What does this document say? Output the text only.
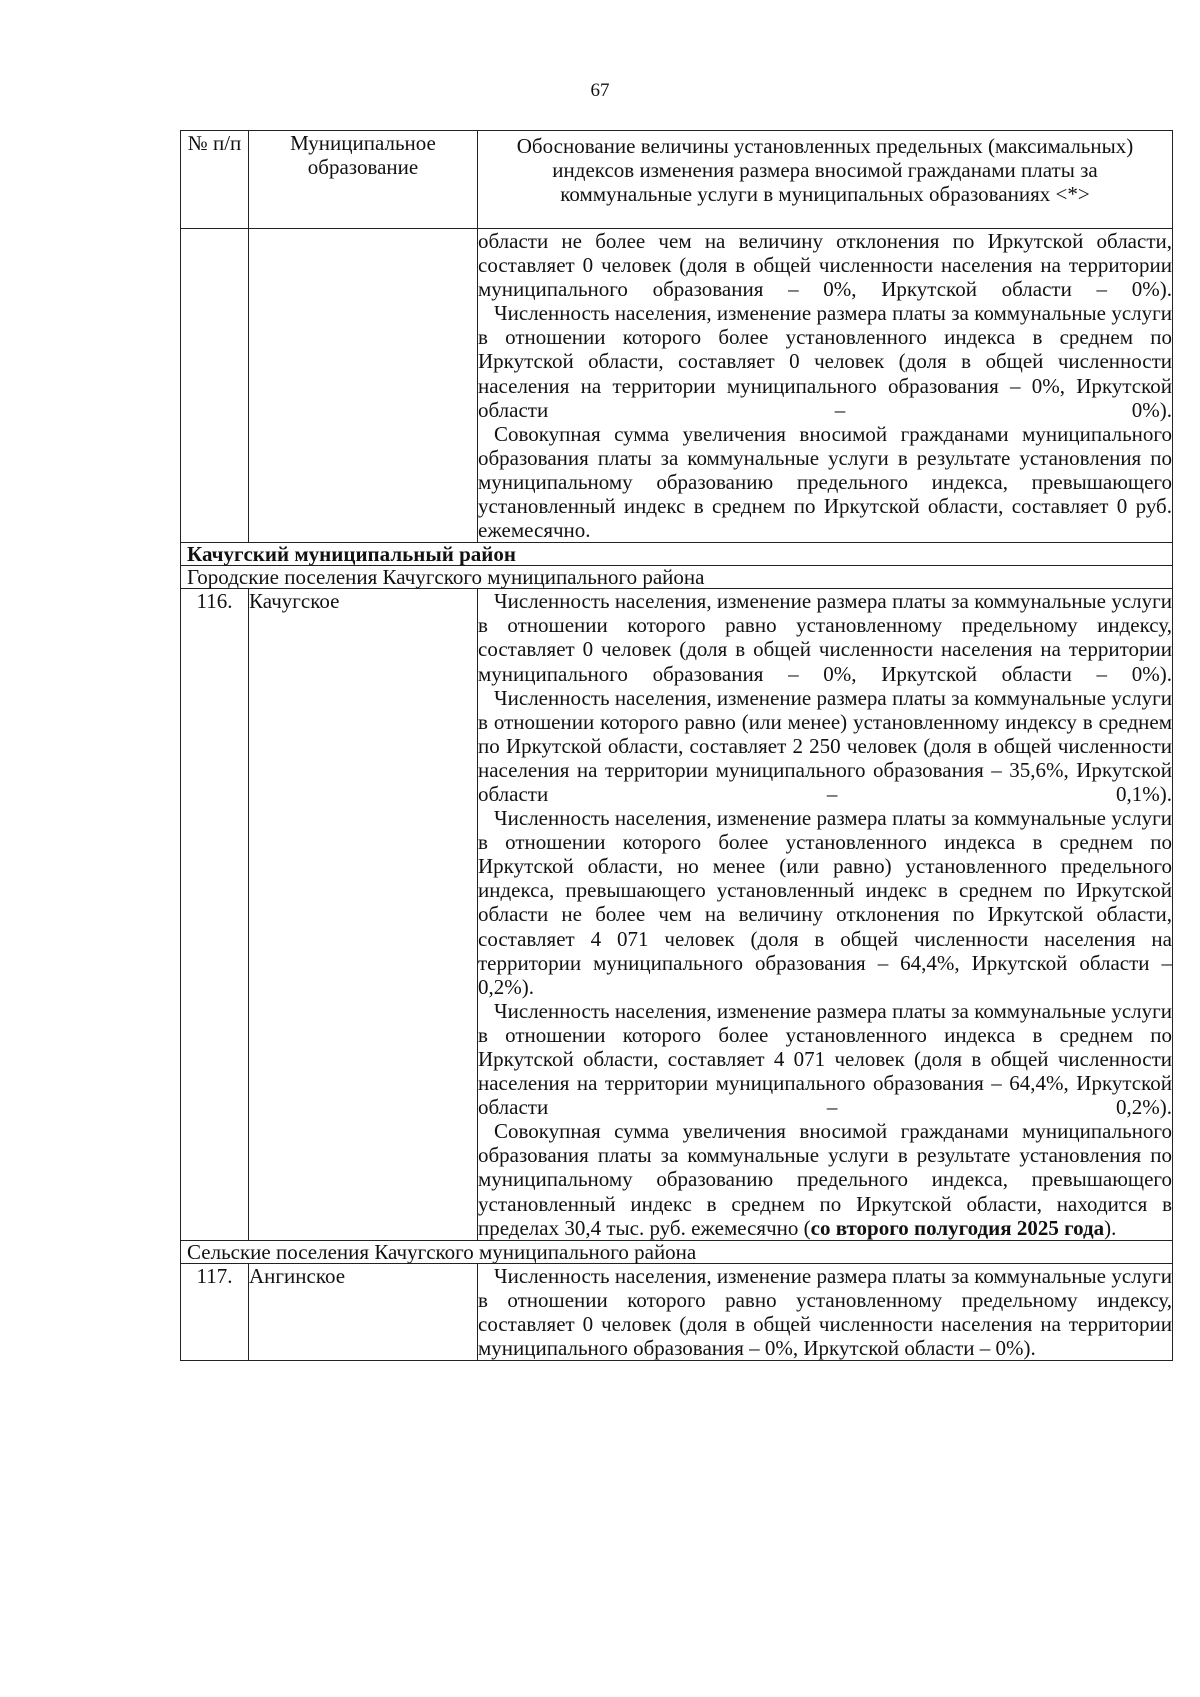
67
№ п/п	Муниципальное образование	Обоснование величины установленных предельных (максимальных) индексов изменения размера вносимой гражданами платы за коммунальные услуги в муниципальных образованиях <*>

		области не более чем на величину отклонения по Иркутской области, составляет 0 человек (доля в общей численности населения на территории муниципального образования – 0%, Иркутской области – 0%).

Численность населения, изменение размера платы за коммунальные услуги в отношении которого более установленного индекса в среднем по Иркутской области, составляет 0 человек (доля в общей численности населения на территории муниципального образования – 0%, Иркутской области – 0%).

Совокупная сумма увеличения вносимой гражданами муниципального образования платы за коммунальные услуги в результате установления по муниципальному образованию предельного индекса, превышающего установленный индекс в среднем по Иркутской области, составляет 0 руб. ежемесячно.

Качугский муниципальный район		
Городские поселения Качугского муниципального района		
116.	Качугское	Численность населения, изменение размера платы за коммунальные услуги в отношении которого равно установленному предельному индексу, составляет 0 человек (доля в общей численности населения на территории муниципального образования – 0%, Иркутской области – 0%).

Численность населения, изменение размера платы за коммунальные услуги в отношении которого равно (или менее) установленному индексу в среднем по Иркутской области, составляет 2 250 человек (доля в общей численности населения на территории муниципального образования – 35,6%, Иркутской области – 0,1%).

Численность населения, изменение размера платы за коммунальные услуги в отношении которого более установленного индекса в среднем по Иркутской области, но менее (или равно) установленного предельного индекса, превышающего установленный индекс в среднем по Иркутской области не более чем на величину отклонения по Иркутской области, составляет 4 071 человек (доля в общей численности населения на территории муниципального образования – 64,4%, Иркутской области – 0,2%).

Численность населения, изменение размера платы за коммунальные услуги в отношении которого более установленного индекса в среднем по Иркутской области, составляет 4 071 человек (доля в общей численности населения на территории муниципального образования – 64,4%, Иркутской области – 0,2%).

Совокупная сумма увеличения вносимой гражданами муниципального образования платы за коммунальные услуги в результате установления по муниципальному образованию предельного индекса, превышающего установленный индекс в среднем по Иркутской области, находится в пределах 30,4 тыс. руб. ежемесячно (со второго полугодия 2025 года).

Сельские поселения Качугского муниципального района		
117.	Ангинское	Численность населения, изменение размера платы за коммунальные услуги в отношении которого равно установленному предельному индексу, составляет 0 человек (доля в общей численности населения на территории муниципального образования – 0%, Иркутской области – 0%).
